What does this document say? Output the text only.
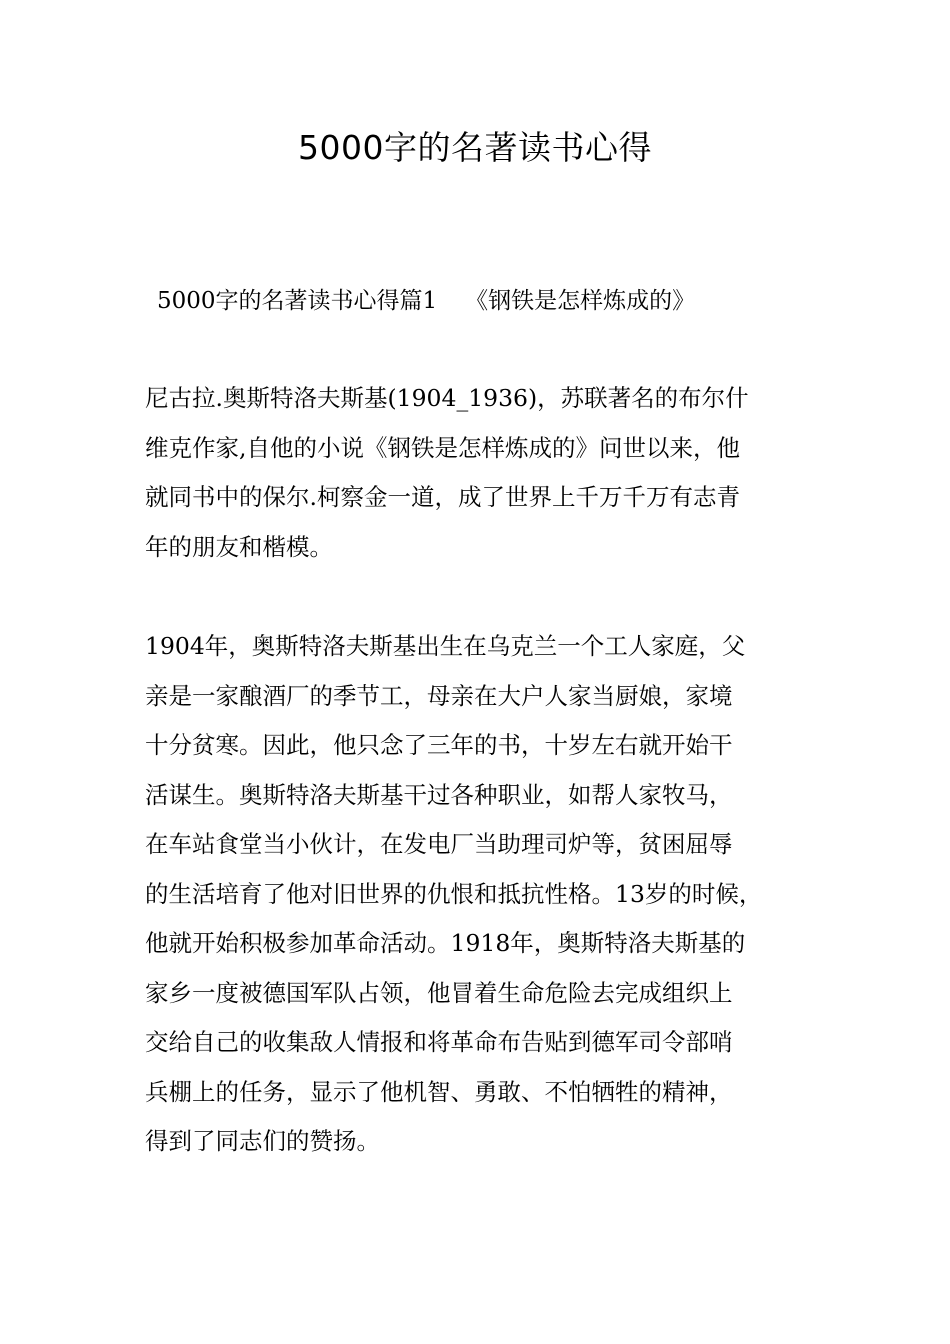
5000字的名著读书心得
5000字的名著读书心得篇1 《钢铁是怎样炼成的》

尼古拉.奥斯特洛夫斯基(1904_1936)，苏联著名的布尔什
维克作家,自他的小说《钢铁是怎样炼成的》问世以来，他
就同书中的保尔.柯察金一道，成了世界上千万千万有志青
年的朋友和楷模。

1904年，奥斯特洛夫斯基出生在乌克兰一个工人家庭，父
亲是一家酿酒厂的季节工，母亲在大户人家当厨娘，家境
十分贫寒。因此，他只念了三年的书，十岁左右就开始干
活谋生。奥斯特洛夫斯基干过各种职业，如帮人家牧马，
在车站食堂当小伙计，在发电厂当助理司炉等，贫困屈辱
的生活培育了他对旧世界的仇恨和抵抗性格。13岁的时候，
他就开始积极参加革命活动。1918年，奥斯特洛夫斯基的
家乡一度被德国军队占领，他冒着生命危险去完成组织上
交给自己的收集敌人情报和将革命布告贴到德军司令部哨
兵棚上的任务，显示了他机智、勇敢、不怕牺牲的精神，
得到了同志们的赞扬。
